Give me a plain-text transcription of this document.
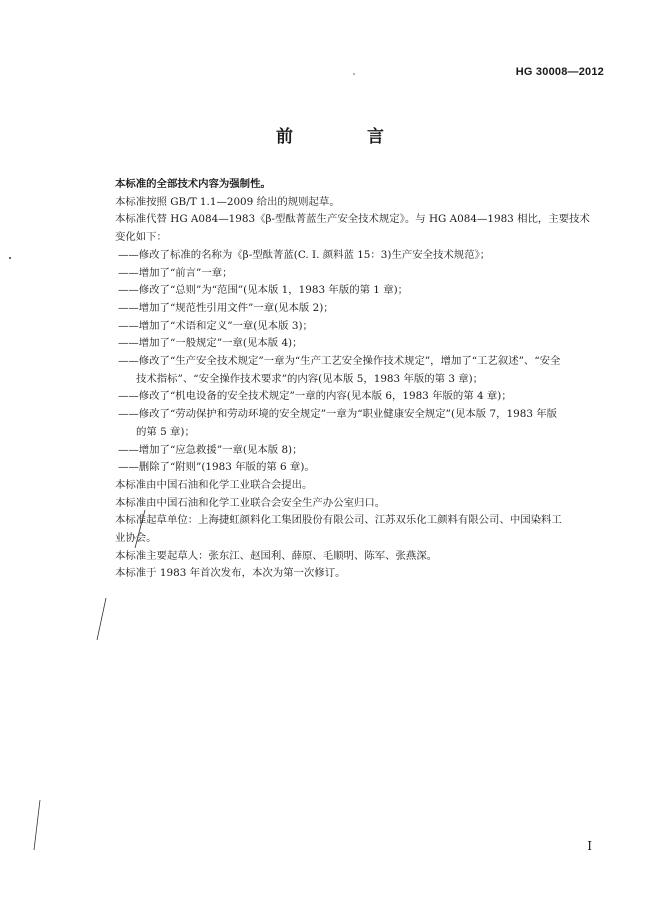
HG 30008—2012
前 言

本标准的全部技术内容为强制性。

本标准按照 GB/T 1.1—2009 给出的规则起草。

本标准代替 HG A084—1983《β-型酞菁蓝生产安全技术规定》。与 HG A084—1983 相比，主要技术

变化如下：

——修改了标准的名称为《β-型酞菁蓝(C. I. 颜料蓝 15：3)生产安全技术规范》；

——增加了“前言”一章；

——修改了“总则”为“范围”(见本版 1，1983 年版的第 1 章)；

——增加了“规范性引用文件”一章(见本版 2)；

——增加了“术语和定义”一章(见本版 3)；

——增加了“一般规定”一章(见本版 4)；

——修改了“生产安全技术规定”一章为“生产工艺安全操作技术规定”，增加了“工艺叙述”、“安全
技术指标”、“安全操作技术要求”的内容(见本版 5，1983 年版的第 3 章)；

——修改了“机电设备的安全技术规定”一章的内容(见本版 6，1983 年版的第 4 章)；

——修改了“劳动保护和劳动环境的安全规定”一章为“职业健康安全规定”(见本版 7，1983 年版
的第 5 章)；

——增加了“应急救援”一章(见本版 8)；

——删除了“附则”(1983 年版的第 6 章)。

本标准由中国石油和化学工业联合会提出。

本标准由中国石油和化学工业联合会安全生产办公室归口。

本标准起草单位：上海捷虹颜料化工集团股份有限公司、江苏双乐化工颜料有限公司、中国染料工

业协会。

本标准主要起草人：张东江、赵国利、薛原、毛顺明、陈军、张燕深。

本标准于 1983 年首次发布，本次为第一次修订。

I
